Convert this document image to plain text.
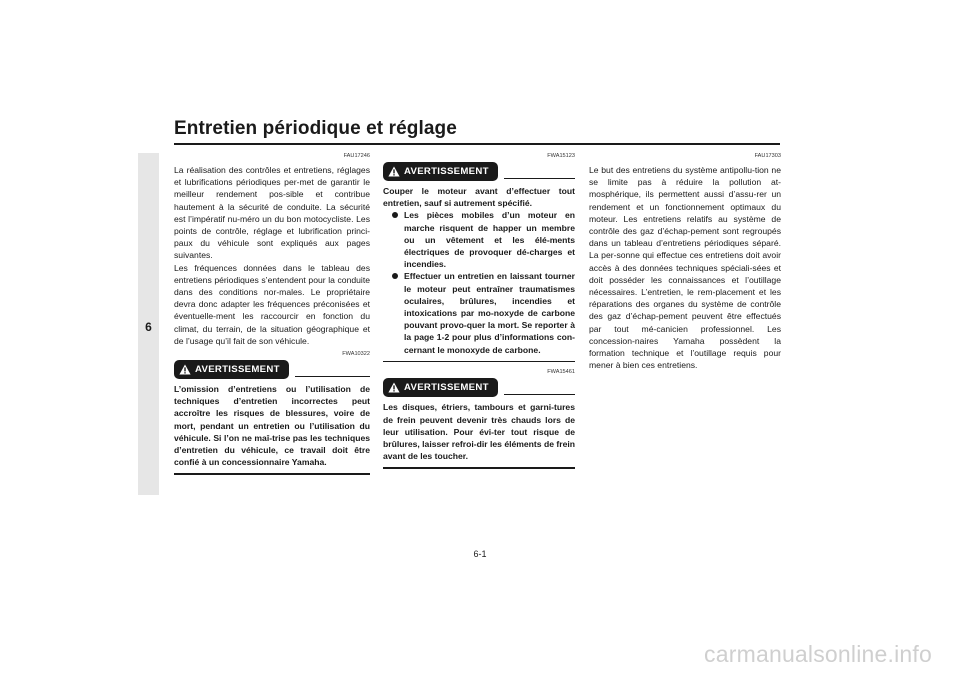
Entretien périodique et réglage
6

FAU17246

La réalisation des contrôles et entretiens, réglages et lubrifications périodiques per-met de garantir le meilleur rendement pos-sible et contribue hautement à la sécurité de conduite. La sécurité est l’impératif nu-méro un du bon motocycliste. Les points de contrôle, réglage et lubrification princi-paux du véhicule sont expliqués aux pages suivantes.

Les fréquences données dans le tableau des entretiens périodiques s’entendent pour la conduite dans des conditions nor-males. Le propriétaire devra donc adapter les fréquences préconisées et éventuelle-ment les raccourcir en fonction du climat, du terrain, de la situation géographique et de l’usage qu’il fait de son véhicule.

FWA10322

AVERTISSEMENT

L’omission d’entretiens ou l’utilisation de techniques d’entretien incorrectes peut accroître les risques de blessures, voire de mort, pendant un entretien ou l’utilisation du véhicule. Si l’on ne maî-trise pas les techniques d’entretien du véhicule, ce travail doit être confié à un concessionnaire Yamaha.

FWA15123

AVERTISSEMENT

Couper le moteur avant d’effectuer tout entretien, sauf si autrement spécifié.

Les pièces mobiles d’un moteur en marche risquent de happer un membre ou un vêtement et les élé-ments électriques de provoquer dé-charges et incendies.
Effectuer un entretien en laissant tourner le moteur peut entraîner traumatismes oculaires, brûlures, incendies et intoxications par mo-noxyde de carbone pouvant provo-quer la mort. Se reporter à la page 1-2 pour plus d’informations con-cernant le monoxyde de carbone.

FWA15461

AVERTISSEMENT

Les disques, étriers, tambours et garni-tures de frein peuvent devenir très chauds lors de leur utilisation. Pour évi-ter tout risque de brûlures, laisser refroi-dir les éléments de frein avant de les toucher.

FAU17303

Le but des entretiens du système antipollu-tion ne se limite pas à réduire la pollution at-mosphérique, ils permettent aussi d’assu-rer un rendement et un fonctionnement optimaux du moteur. Les entretiens relatifs au système de contrôle des gaz d’échap-pement sont regroupés dans un tableau d’entretiens périodiques séparé. La per-sonne qui effectue ces entretiens doit avoir accès à des données techniques spéciali-sées et doit posséder les connaissances et l’outillage nécessaires. L’entretien, le rem-placement et les réparations des organes du système de contrôle des gaz d’échap-pement peuvent être effectués par tout mé-canicien professionnel. Les concession-naires Yamaha possèdent la formation technique et l’outillage requis pour mener à bien ces entretiens.

6-1

carmanualsonline.info
